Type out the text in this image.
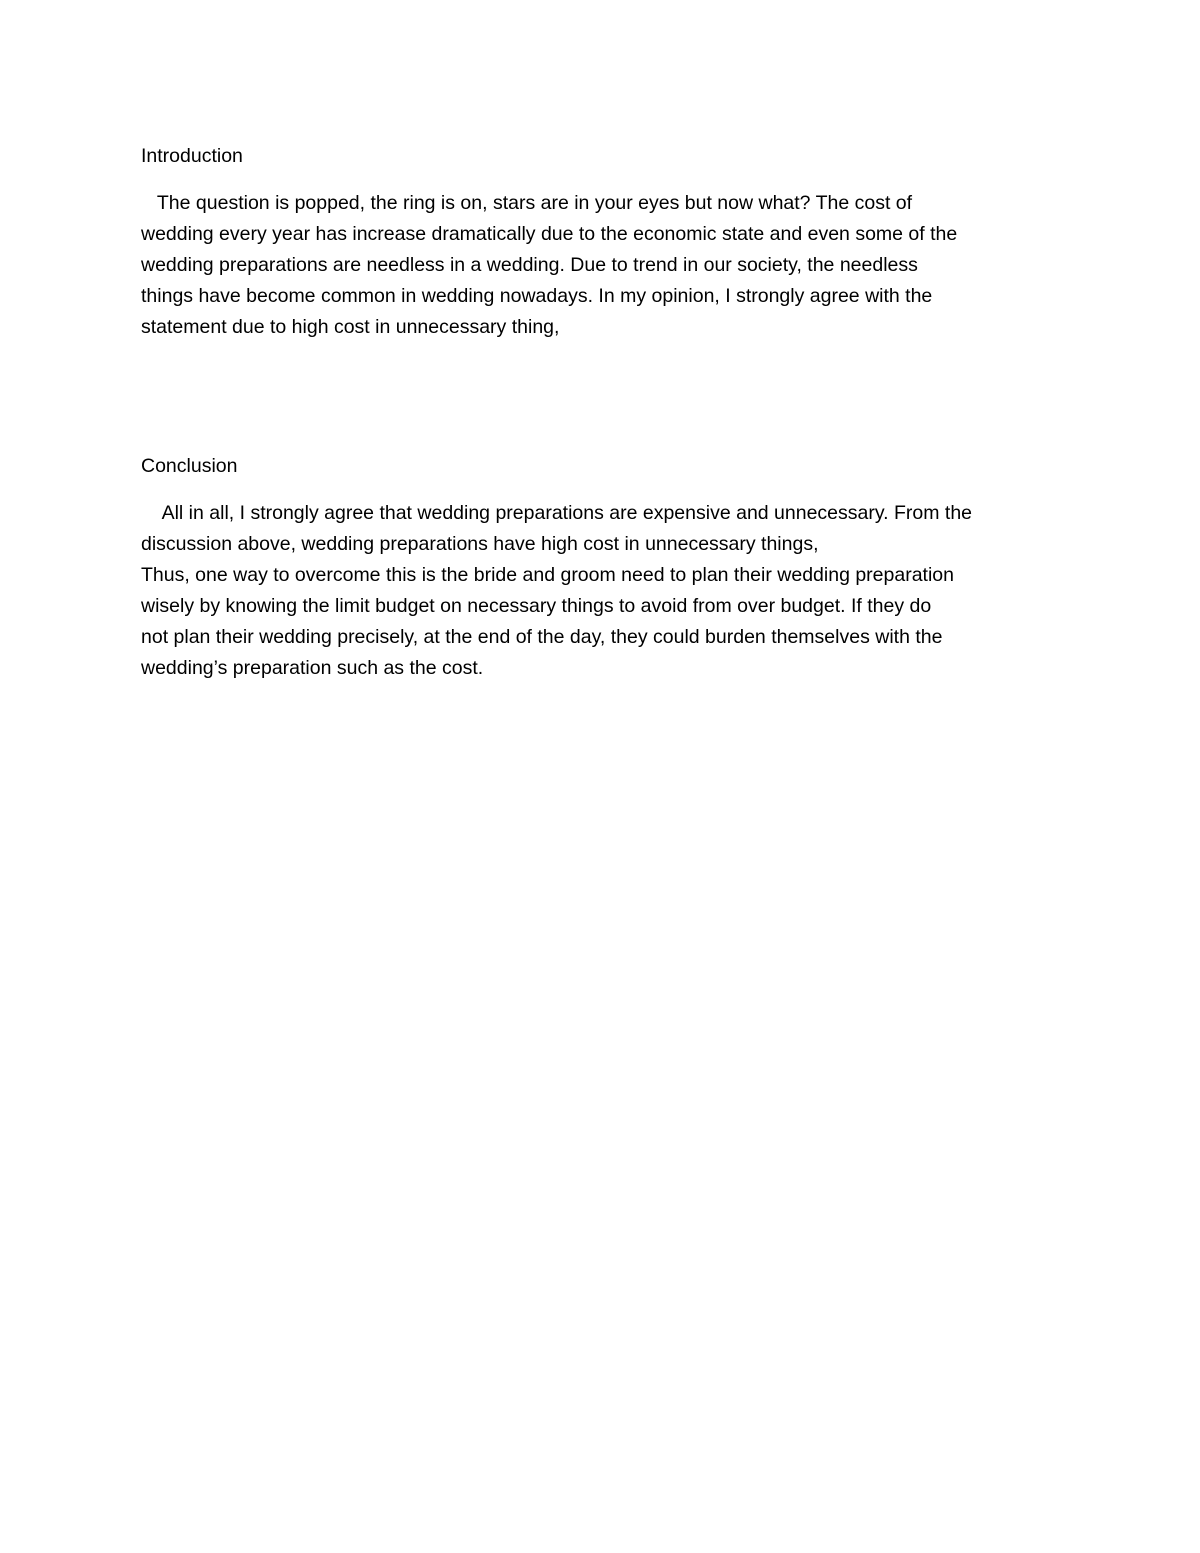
Introduction

The question is popped, the ring is on, stars are in your eyes but now what? The cost of
wedding every year has increase dramatically due to the economic state and even some of the
wedding preparations are needless in a wedding. Due to trend in our society, the needless
things have become common in wedding nowadays. In my opinion, I strongly agree with the
statement due to high cost in unnecessary thing,

Conclusion

All in all, I strongly agree that wedding preparations are expensive and unnecessary. From the
discussion above, wedding preparations have high cost in unnecessary things,
Thus, one way to overcome this is the bride and groom need to plan their wedding preparation
wisely by knowing the limit budget on necessary things to avoid from over budget. If they do
not plan their wedding precisely, at the end of the day, they could burden themselves with the
wedding’s preparation such as the cost.
